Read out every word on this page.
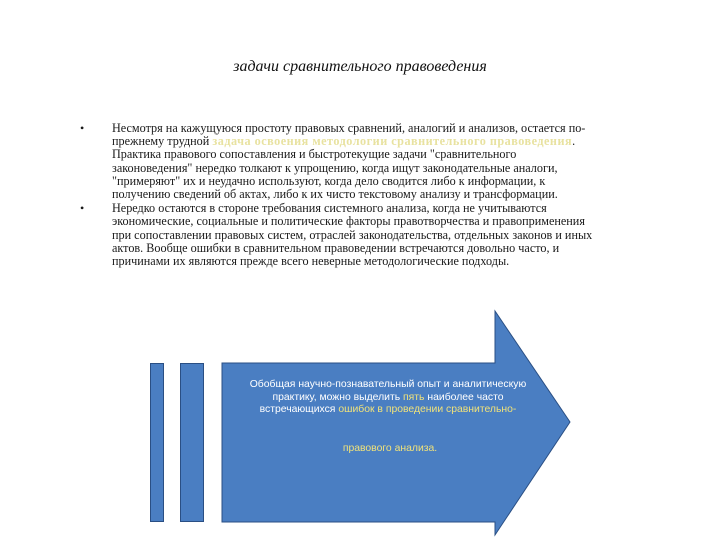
задачи сравнительного правоведения
• Несмотря на кажущуюся простоту правовых сравнений, аналогий и анализов, остается по-прежнему трудной задача освоения методологии сравнительного правоведения. Практика правового сопоставления и быстротекущие задачи "сравнительного законоведения" нередко толкают к упрощению, когда ищут законодательные аналоги, "примеряют" их и неудачно используют, когда дело сводится либо к информации, к получению сведений об актах, либо к их чисто текстовому анализу и трансформации.
• Нередко остаются в стороне требования системного анализа, когда не учитываются экономические, социальные и политические факторы правотворчества и правоприменения при сопоставлении правовых систем, отраслей законодательства, отдельных законов и иных актов. Вообще ошибки в сравнительном правоведении встречаются довольно часто, и причинами их являются прежде всего неверные методологические подходы.
Обобщая научно-познавательный опыт и аналитическую практику, можно выделить пять наиболее часто встречающихся ошибок в проведении сравнительно-
правового анализа.
